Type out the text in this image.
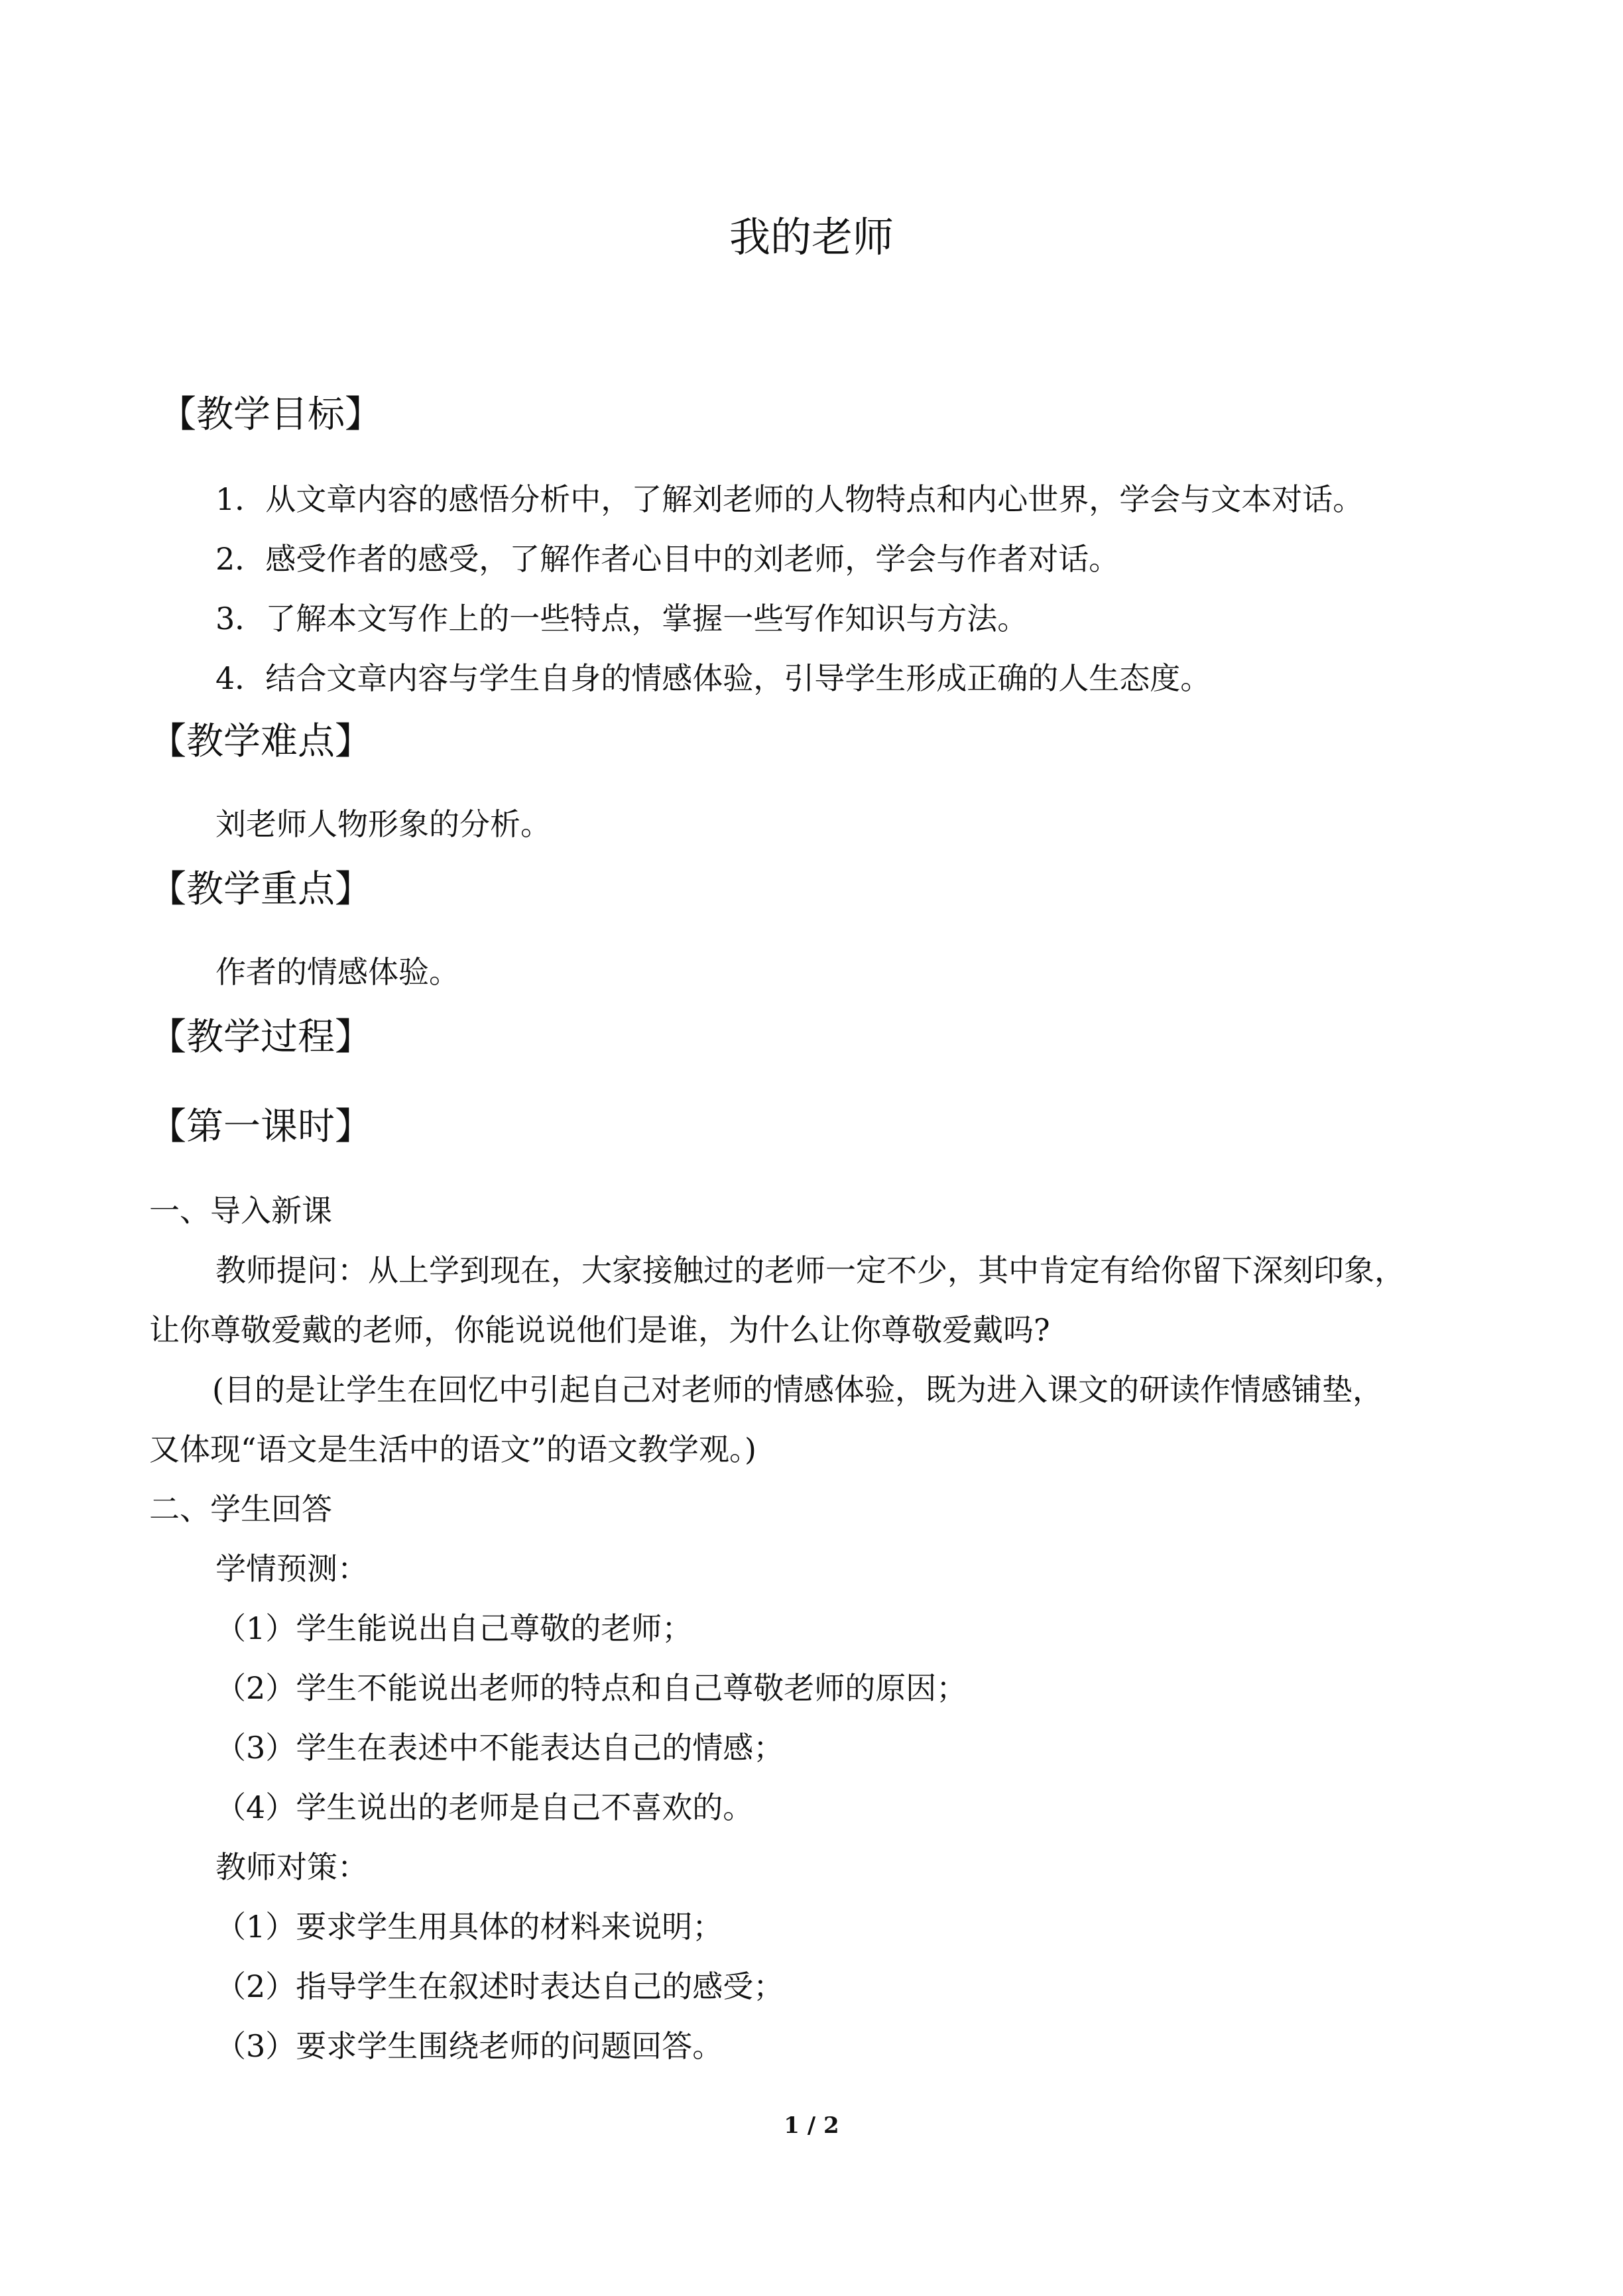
我的老师
【教学目标】
1．从文章内容的感悟分析中，了解刘老师的人物特点和内心世界，学会与文本对话。
2．感受作者的感受，了解作者心目中的刘老师，学会与作者对话。
3．了解本文写作上的一些特点，掌握一些写作知识与方法。
4．结合文章内容与学生自身的情感体验，引导学生形成正确的人生态度。
【教学难点】
刘老师人物形象的分析。
【教学重点】
作者的情感体验。
【教学过程】
【第一课时】
一、导入新课
教师提问：从上学到现在，大家接触过的老师一定不少，其中肯定有给你留下深刻印象，
让你尊敬爱戴的老师，你能说说他们是谁，为什么让你尊敬爱戴吗?
(目的是让学生在回忆中引起自己对老师的情感体验，既为进入课文的研读作情感铺垫，
又体现“语文是生活中的语文”的语文教学观。)
二、学生回答
学情预测：
（1）学生能说出自己尊敬的老师；
（2）学生不能说出老师的特点和自己尊敬老师的原因；
（3）学生在表述中不能表达自己的情感；
（4）学生说出的老师是自己不喜欢的。
教师对策：
（1）要求学生用具体的材料来说明；
（2）指导学生在叙述时表达自己的感受；
（3）要求学生围绕老师的问题回答。
1 / 2
